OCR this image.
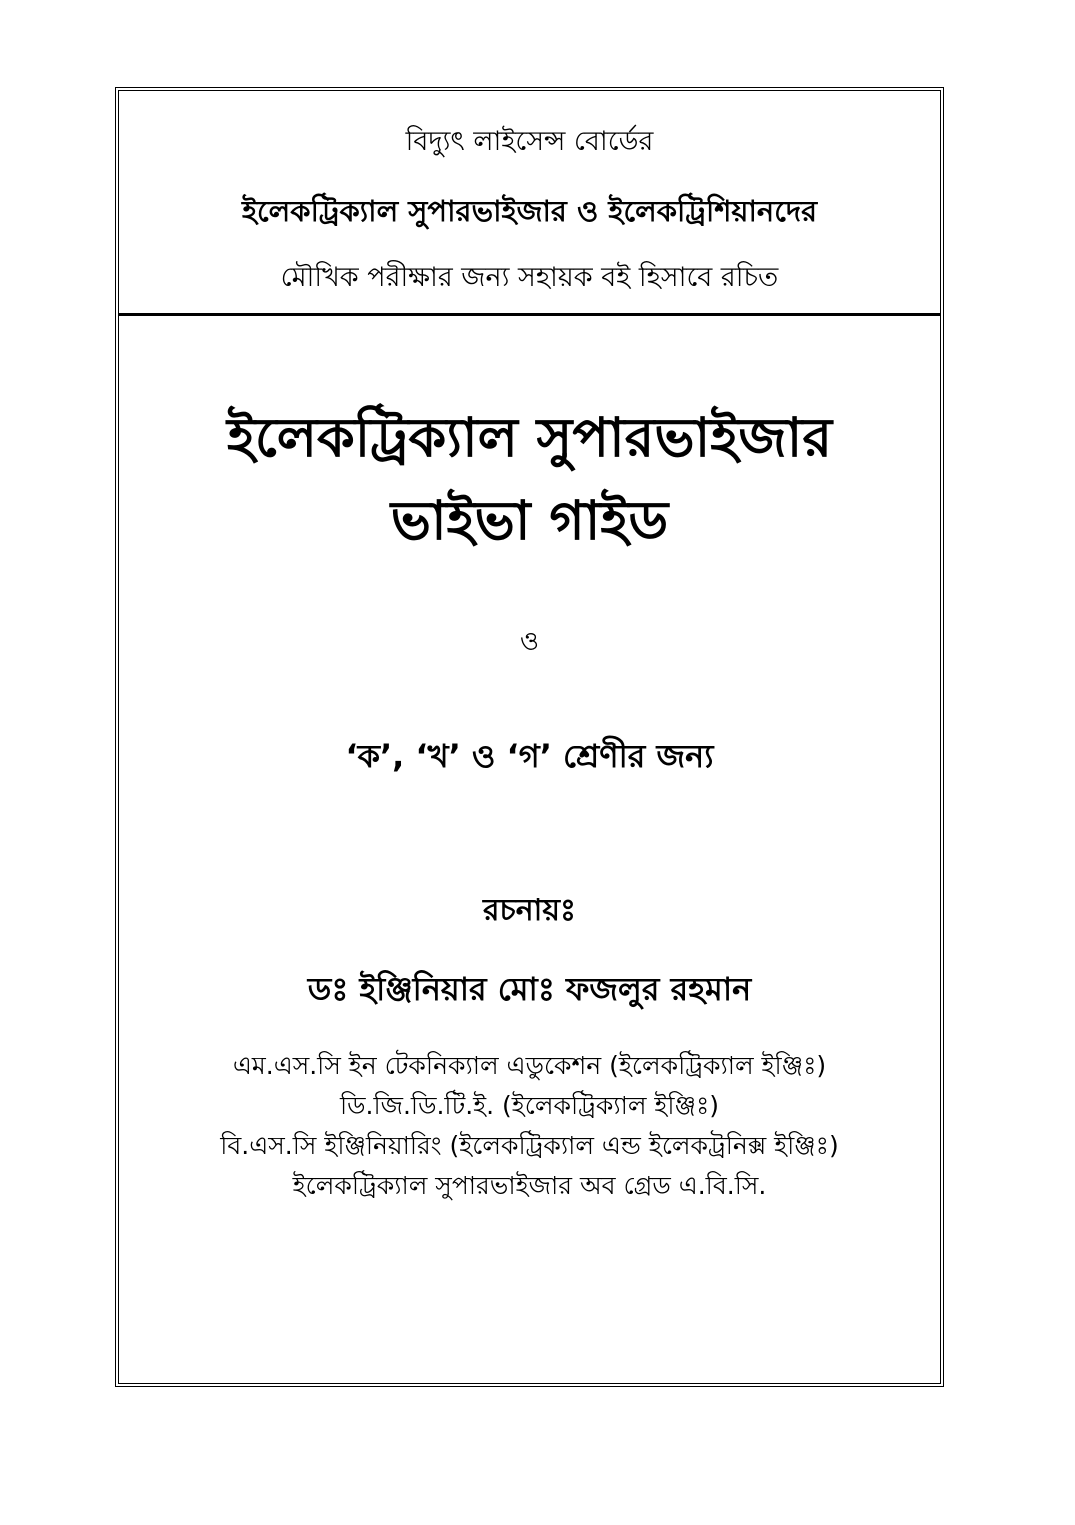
বিদ্যুৎ লাইসেন্স বোর্ডের
ইলেকট্রিক্যাল সুপারভাইজার ও ইলেকট্রিশিয়ানদের
মৌখিক পরীক্ষার জন্য সহায়ক বই হিসাবে রচিত
ইলেকট্রিক্যাল সুপারভাইজার
ভাইভা গাইড
ও
‘ক’, ‘খ’ ও ‘গ’ শ্রেণীর জন্য
রচনায়ঃ
ডঃ ইঞ্জিনিয়ার মোঃ ফজলুর রহমান
এম.এস.সি ইন টেকনিক্যাল এডুকেশন (ইলেকট্রিক্যাল ইঞ্জিঃ)
ডি.জি.ডি.টি.ই. (ইলেকট্রিক্যাল ইঞ্জিঃ)
বি.এস.সি ইঞ্জিনিয়ারিং (ইলেকট্রিক্যাল এন্ড ইলেকট্রনিক্স ইঞ্জিঃ)
ইলেকট্রিক্যাল সুপারভাইজার অব গ্রেড এ.বি.সি.
